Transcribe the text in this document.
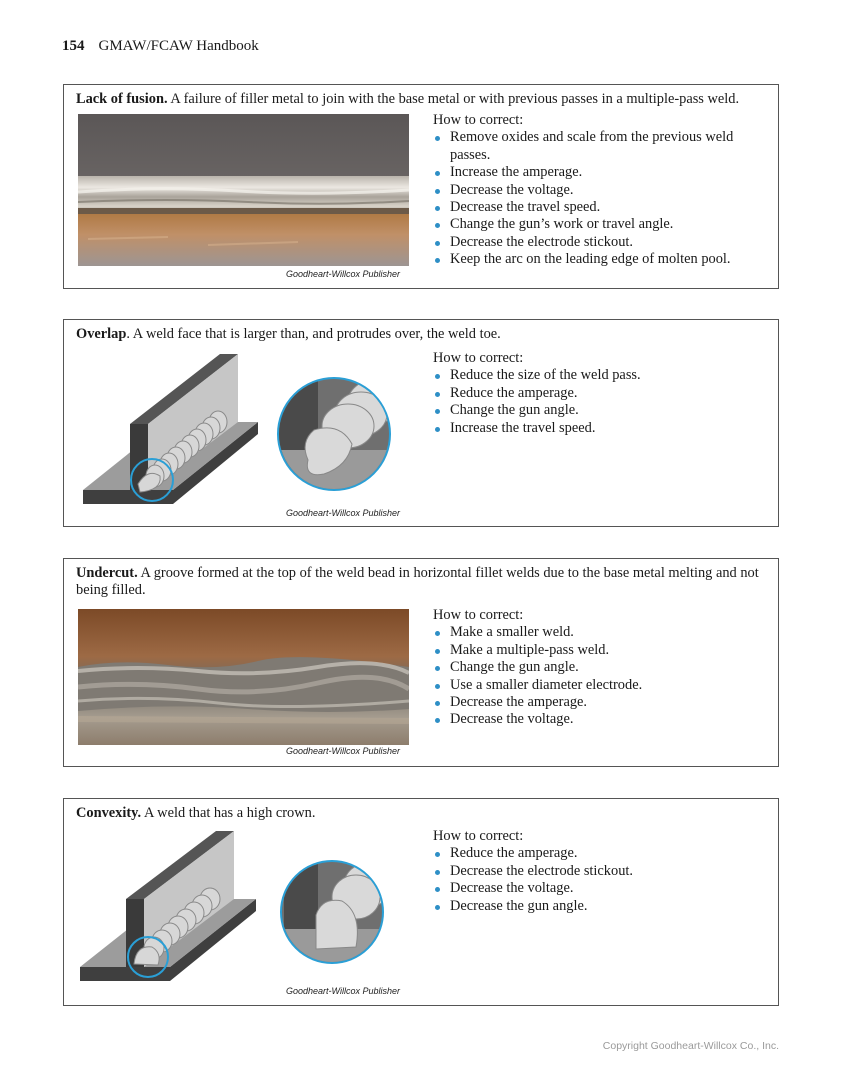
154 GMAW/FCAW Handbook
Lack of fusion. A failure of filler metal to join with the base metal or with previous passes in a multiple-pass weld.
Goodheart-Willcox Publisher
How to correct:
Remove oxides and scale from the previous weld passes.
Increase the amperage.
Decrease the voltage.
Decrease the travel speed.
Change the gun’s work or travel angle.
Decrease the electrode stickout.
Keep the arc on the leading edge of molten pool.
Overlap. A weld face that is larger than, and protrudes over, the weld toe.
Goodheart-Willcox Publisher
How to correct:
Reduce the size of the weld pass.
Reduce the amperage.
Change the gun angle.
Increase the travel speed.
Undercut. A groove formed at the top of the weld bead in horizontal fillet welds due to the base metal melting and not being filled.
Goodheart-Willcox Publisher
How to correct:
Make a smaller weld.
Make a multiple-pass weld.
Change the gun angle.
Use a smaller diameter electrode.
Decrease the amperage.
Decrease the voltage.
Convexity. A weld that has a high crown.
Goodheart-Willcox Publisher
How to correct:
Reduce the amperage.
Decrease the electrode stickout.
Decrease the voltage.
Decrease the gun angle.
Copyright Goodheart-Willcox Co., Inc.
